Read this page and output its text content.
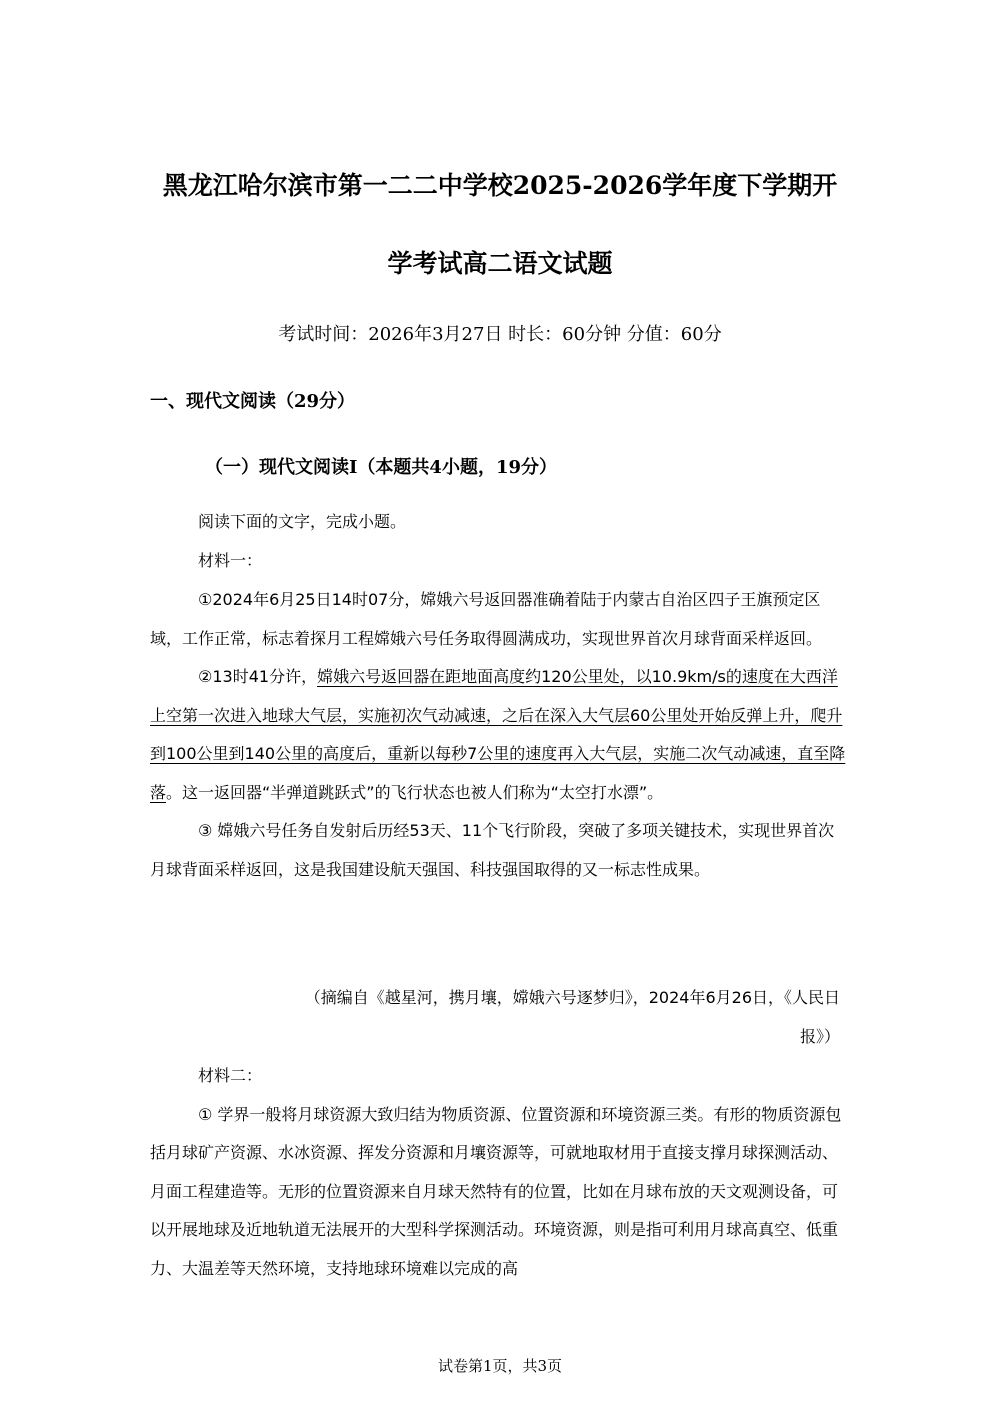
黑龙江哈尔滨市第一二二中学校2025-2026学年度下学期开
学考试高二语文试题
考试时间：2026年3月27日 时长：60分钟 分值：60分
一、现代文阅读（29分）
（一）现代文阅读Ⅰ（本题共4小题，19分）

阅读下面的文字，完成小题。

材料一：

①2024年6月25日14时07分，嫦娥六号返回器准确着陆于内蒙古自治区四子王旗预定区域，工作正常，标志着探月工程嫦娥六号任务取得圆满成功，实现世界首次月球背面采样返回。

②13时41分许，嫦娥六号返回器在距地面高度约120公里处，以10.9km/s的速度在大西洋上空第一次进入地球大气层，实施初次气动减速，之后在深入大气层60公里处开始反弹上升，爬升到100公里到140公里的高度后，重新以每秒7公里的速度再入大气层，实施二次气动减速，直至降落。这一返回器“半弹道跳跃式”的飞行状态也被人们称为“太空打水漂”。

③ 嫦娥六号任务自发射后历经53天、11个飞行阶段，突破了多项关键技术，实现世界首次月球背面采样返回，这是我国建设航天强国、科技强国取得的又一标志性成果。

（摘编自《越星河，携月壤，嫦娥六号逐梦归》，2024年6月26日，《人民日
报》）

材料二：

① 学界一般将月球资源大致归结为物质资源、位置资源和环境资源三类。有形的物质资源包括月球矿产资源、水冰资源、挥发分资源和月壤资源等，可就地取材用于直接支撑月球探测活动、月面工程建造等。无形的位置资源来自月球天然特有的位置，比如在月球布放的天文观测设备，可以开展地球及近地轨道无法展开的大型科学探测活动。环境资源，则是指可利用月球高真空、低重力、大温差等天然环境，支持地球环境难以完成的高

试卷第1页，共3页
